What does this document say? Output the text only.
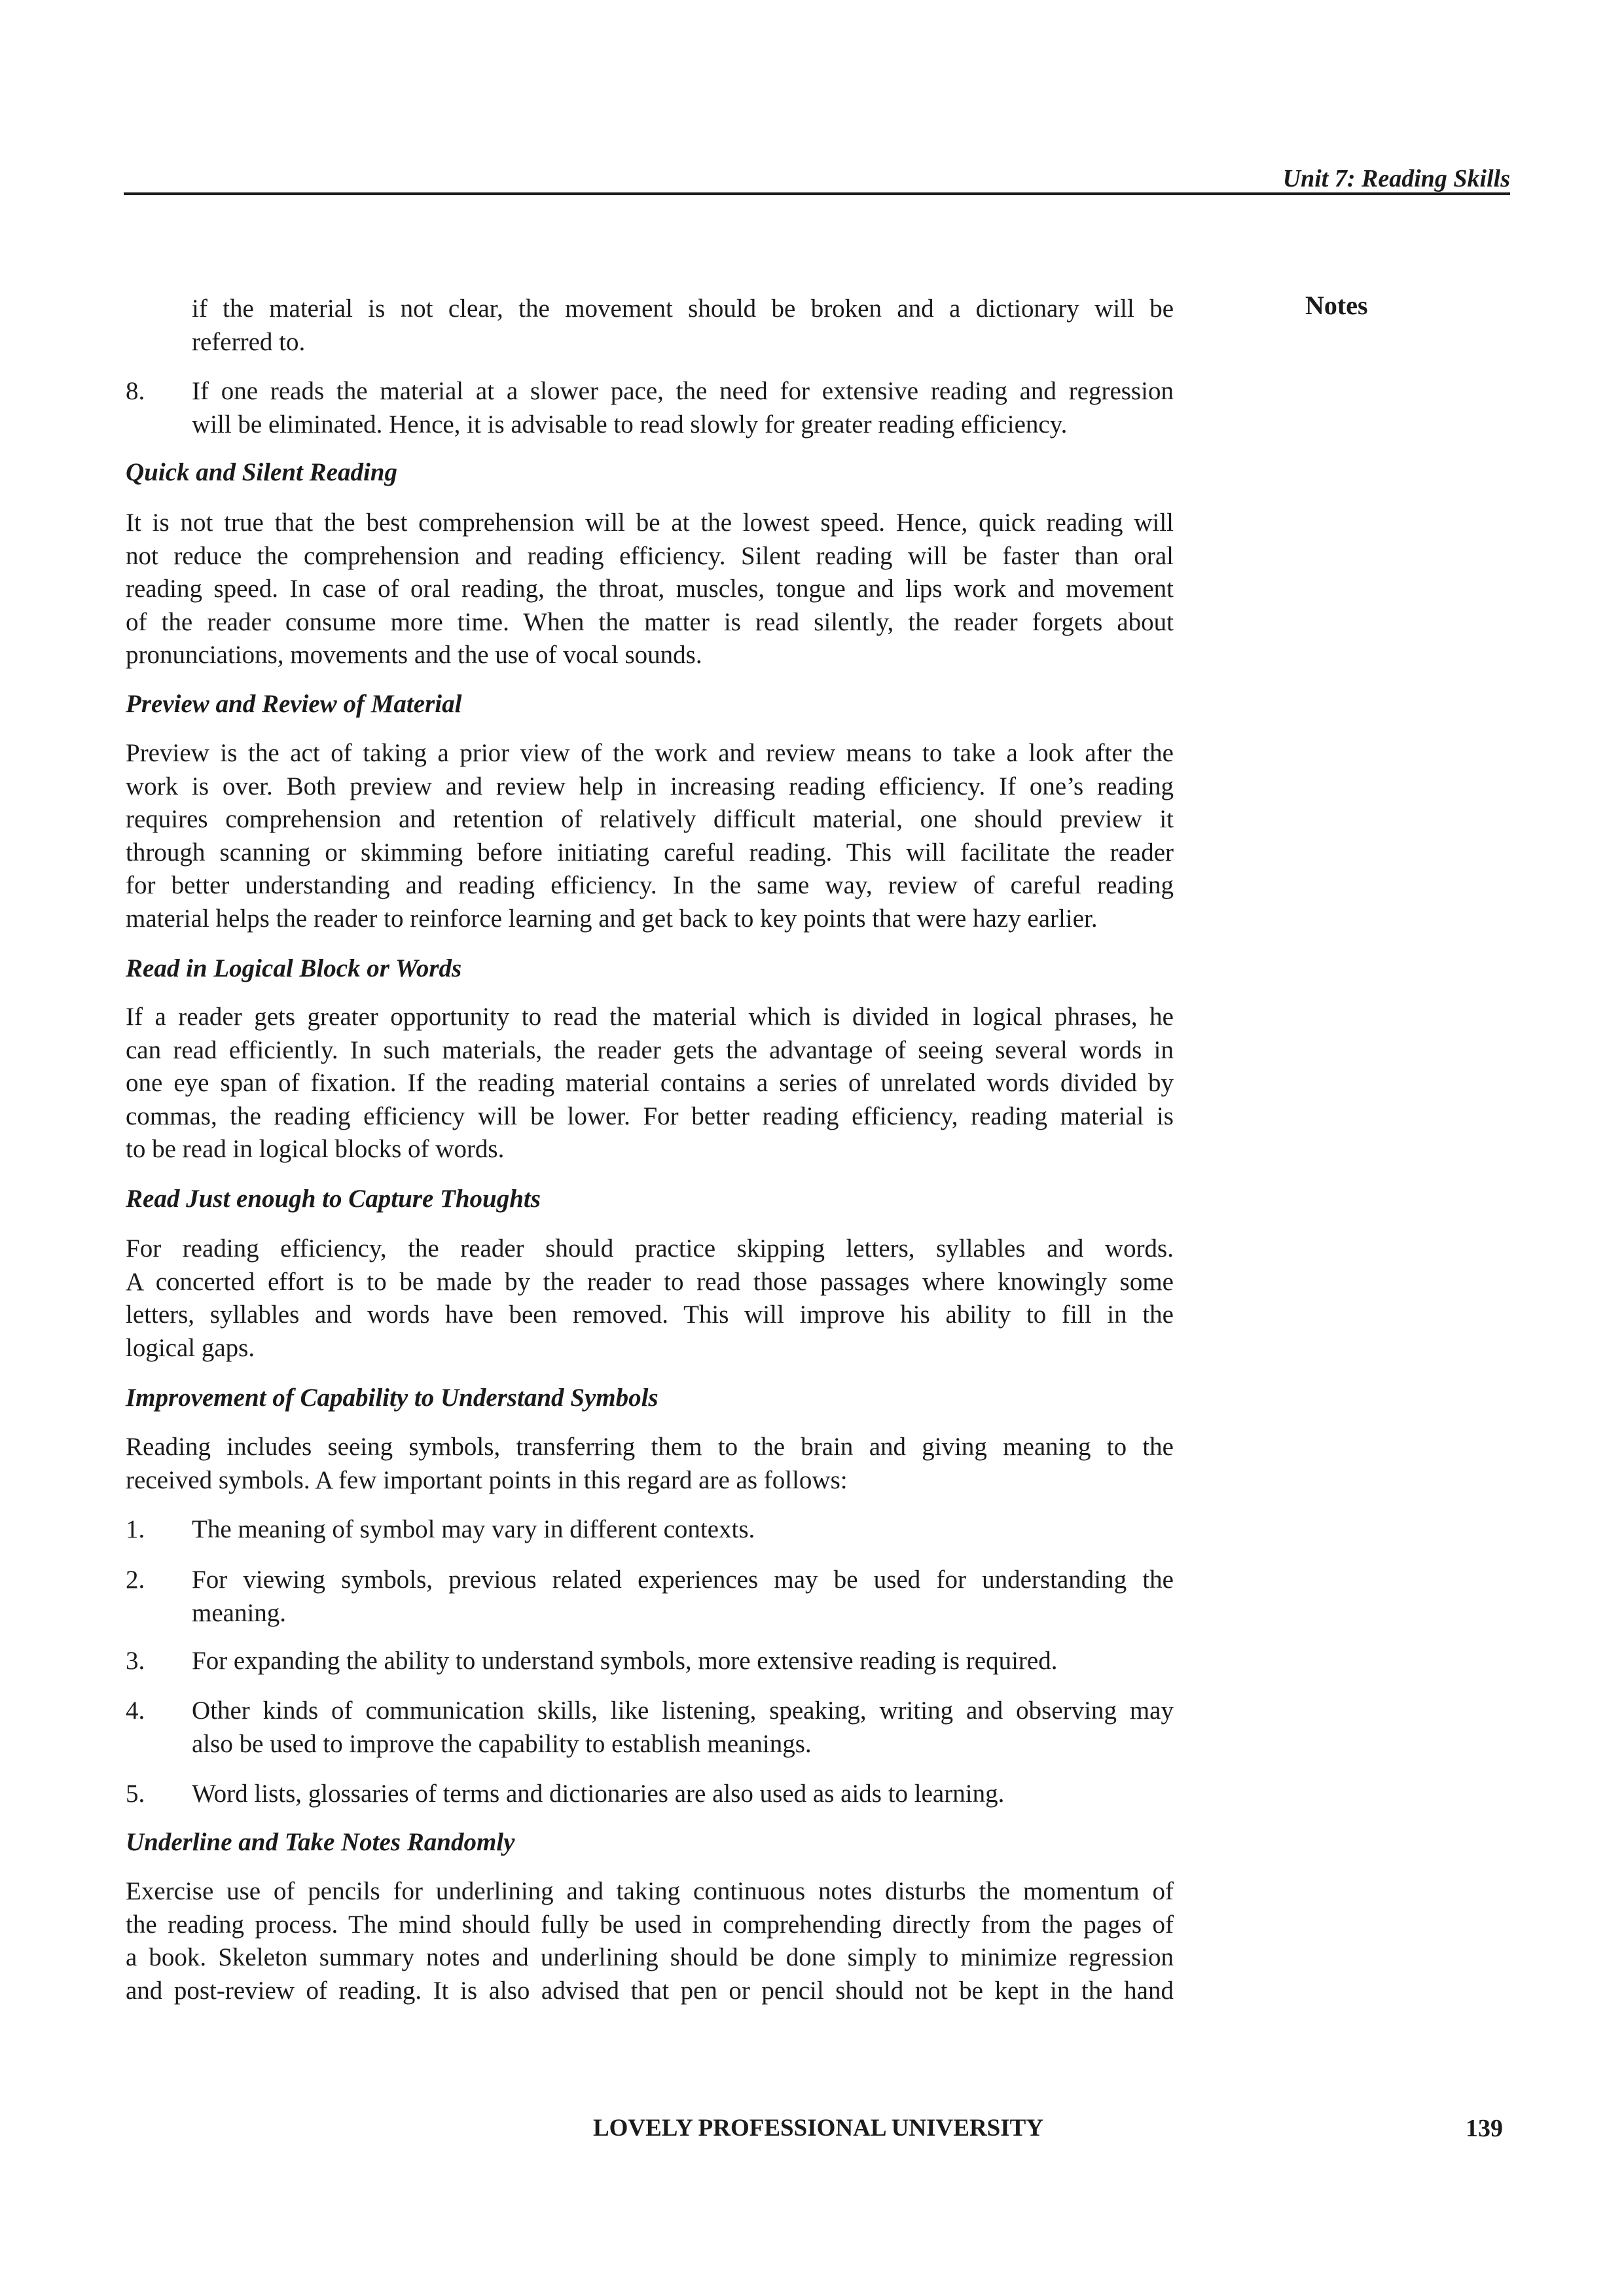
Unit 7: Reading Skills
Notes
if the material is not clear, the movement should be broken and a dictionary will be
referred to.
8. If one reads the material at a slower pace, the need for extensive reading and regression
will be eliminated. Hence, it is advisable to read slowly for greater reading efficiency.
Quick and Silent Reading
It is not true that the best comprehension will be at the lowest speed. Hence, quick reading will
not reduce the comprehension and reading efficiency. Silent reading will be faster than oral
reading speed. In case of oral reading, the throat, muscles, tongue and lips work and movement
of the reader consume more time. When the matter is read silently, the reader forgets about
pronunciations, movements and the use of vocal sounds.
Preview and Review of Material
Preview is the act of taking a prior view of the work and review means to take a look after the
work is over. Both preview and review help in increasing reading efficiency. If one’s reading
requires comprehension and retention of relatively difficult material, one should preview it
through scanning or skimming before initiating careful reading. This will facilitate the reader
for better understanding and reading efficiency. In the same way, review of careful reading
material helps the reader to reinforce learning and get back to key points that were hazy earlier.
Read in Logical Block or Words
If a reader gets greater opportunity to read the material which is divided in logical phrases, he
can read efficiently. In such materials, the reader gets the advantage of seeing several words in
one eye span of fixation. If the reading material contains a series of unrelated words divided by
commas, the reading efficiency will be lower. For better reading efficiency, reading material is
to be read in logical blocks of words.
Read Just enough to Capture Thoughts
For reading efficiency, the reader should practice skipping letters, syllables and words.
A concerted effort is to be made by the reader to read those passages where knowingly some
letters, syllables and words have been removed. This will improve his ability to fill in the
logical gaps.
Improvement of Capability to Understand Symbols
Reading includes seeing symbols, transferring them to the brain and giving meaning to the
received symbols. A few important points in this regard are as follows:
1. The meaning of symbol may vary in different contexts.
2. For viewing symbols, previous related experiences may be used for understanding the
meaning.
3. For expanding the ability to understand symbols, more extensive reading is required.
4. Other kinds of communication skills, like listening, speaking, writing and observing may
also be used to improve the capability to establish meanings.
5. Word lists, glossaries of terms and dictionaries are also used as aids to learning.
Underline and Take Notes Randomly
Exercise use of pencils for underlining and taking continuous notes disturbs the momentum of
the reading process. The mind should fully be used in comprehending directly from the pages of
a book. Skeleton summary notes and underlining should be done simply to minimize regression
and post-review of reading. It is also advised that pen or pencil should not be kept in the hand
LOVELY PROFESSIONAL UNIVERSITY	139
